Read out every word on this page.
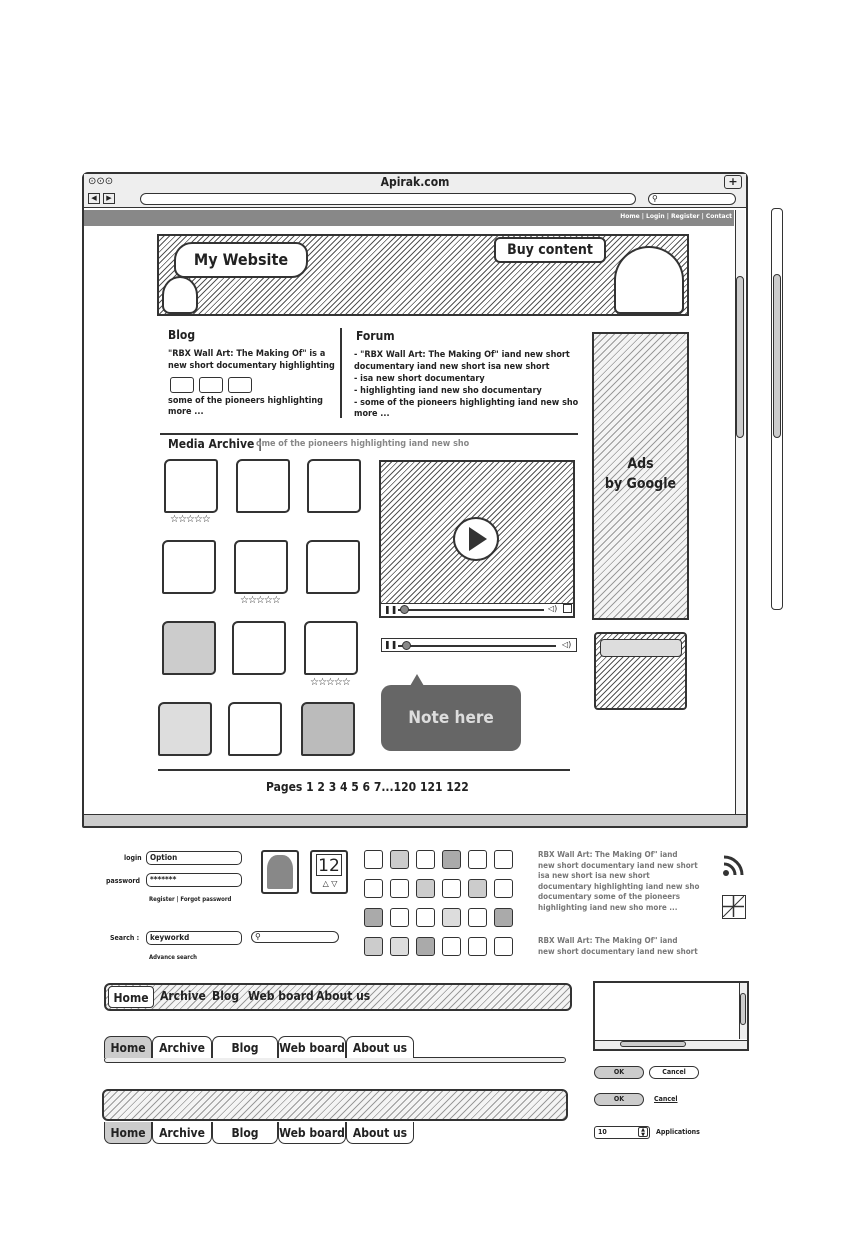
⊙⊙⊙	Apirak.com	+
◀	▶	⚲
Home | Login | Register | Contact
My Website	Buy content
Blog
"RBX Wall Art: The Making Of" is a
new short documentary highlighting
some of the pioneers highlighting
more ...
Forum
- "RBX Wall Art: The Making Of" iand new short
documentary iand new short isa new short
- isa new short documentary
- highlighting iand new sho documentary
- some of the pioneers highlighting iand new sho
more ...
Ads
by Google
Media Archive |
ome of the pioneers highlighting iand new sho
☆☆☆☆☆
☆☆☆☆☆
☆☆☆☆☆
❚❚	◁)
❚❚	◁)
Note here
Pages 1 2 3 4 5 6 7...120 121 122
login	Option
password	*******
Register | Forgot password
Search :	keyworkd
Advance search
⚲
12
△ ▽
RBX Wall Art: The Making Of" iand
new short documentary iand new short
isa new short isa new short
documentary highlighting iand new sho
documentary some of the pioneers
highlighting iand new sho more ...
RBX Wall Art: The Making Of" iand
new short documentary iand new short
Home Archive Blog Web board About us
Home	Archive	Blog	Web board About us
Home	Archive	Blog	Web board About us
OK	Cancel
OK	Cancel
10	▲
▼	Applications
